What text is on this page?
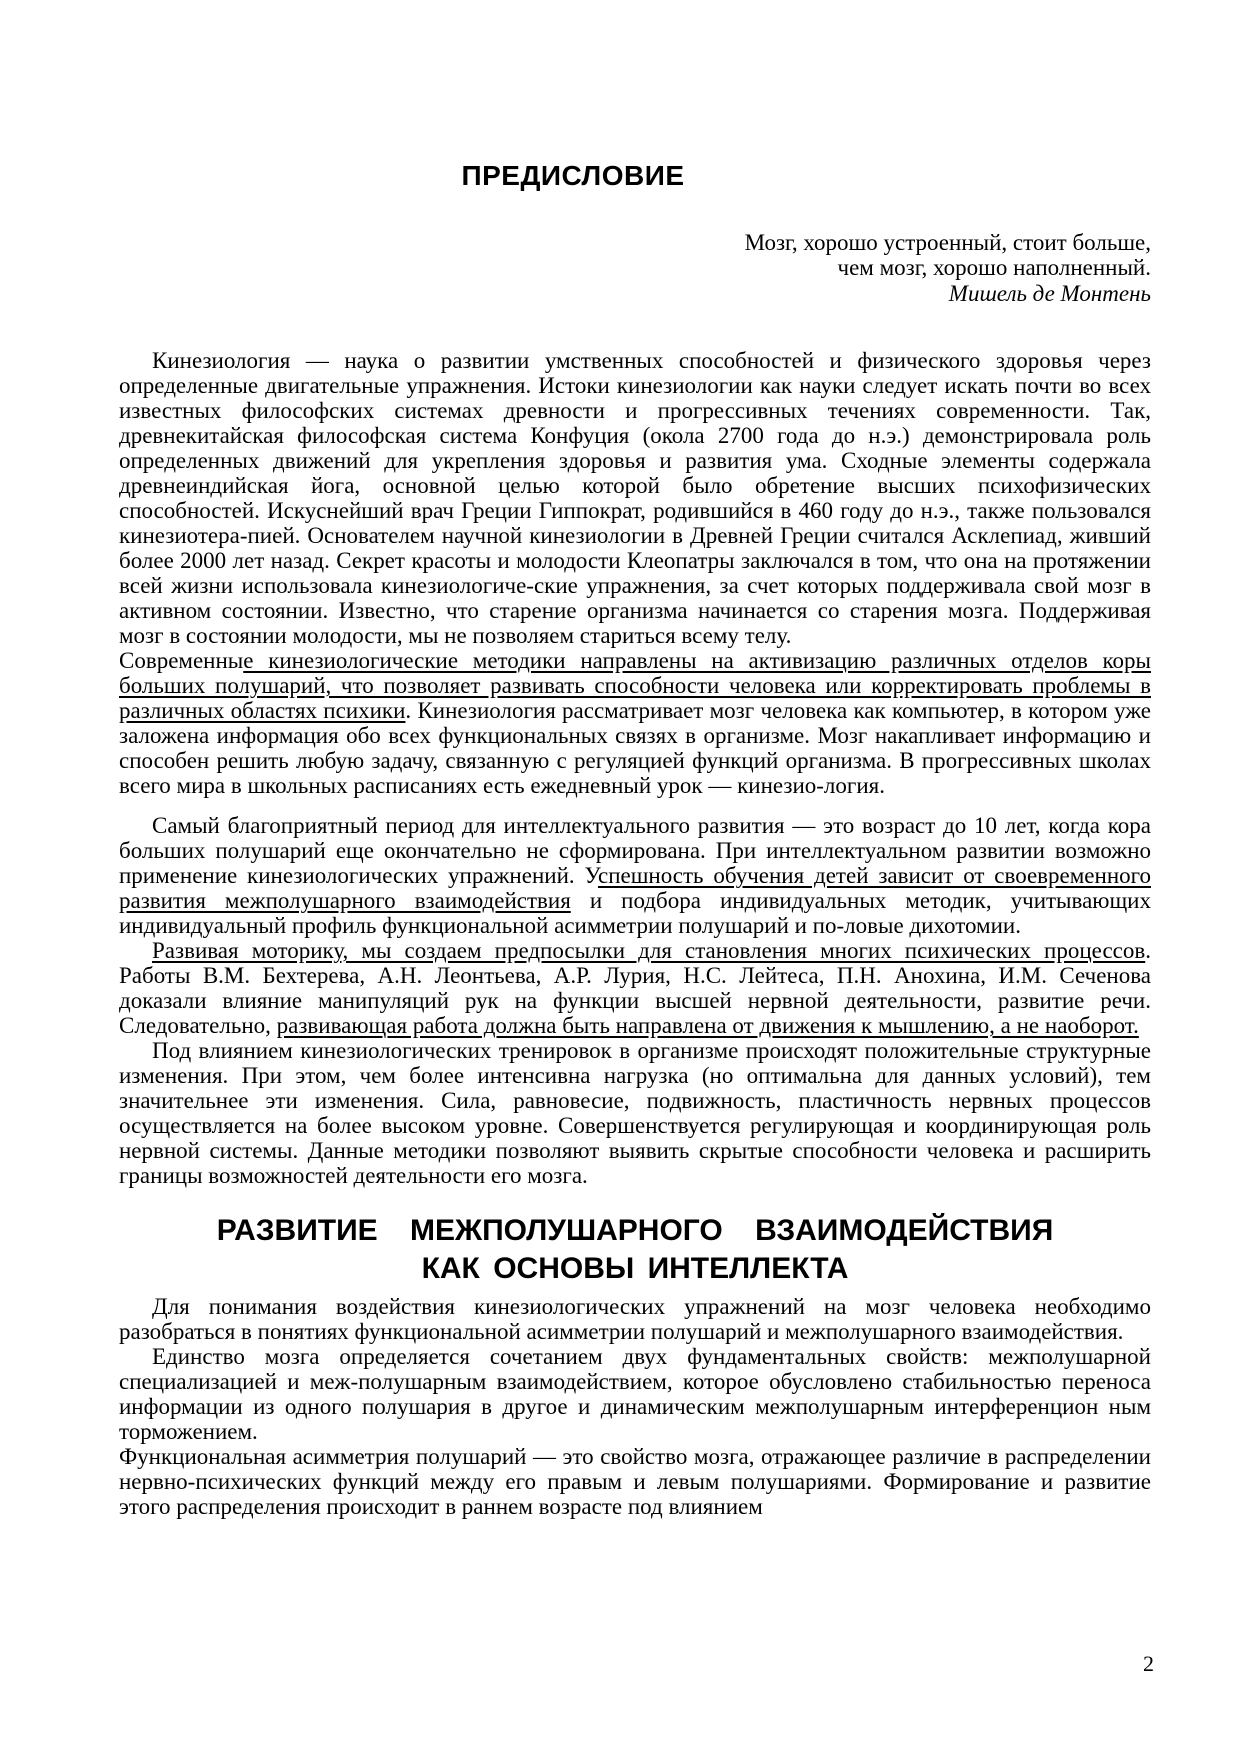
ПРЕДИСЛОВИЕ
Мозг, хорошо устроенный, стоит больше,
чем мозг, хорошо наполненный.
Мишель де Монтень

Кинезиология — наука о развитии умственных способностей и физического здоровья через определенные двигательные упражнения. Истоки кинезиологии как науки следует искать почти во всех известных философских системах древности и прогрессивных течениях современности. Так, древнекитайская философская система Конфуция (окола 2700 года до н.э.) демонстрировала роль определенных движений для укрепления здоровья и развития ума. Сходные элементы содержала древнеиндийская йога, основной целью которой было обретение высших психофизических способностей. Искуснейший врач Греции Гиппократ, родившийся в 460 году до н.э., также пользовался кинезиотера-пией. Основателем научной кинезиологии в Древней Греции считался Асклепиад, живший более 2000 лет назад. Секрет красоты и молодости Клеопатры заключался в том, что она на протяжении всей жизни использовала кинезиологиче-ские упражнения, за счет которых поддерживала свой мозг в активном состоянии. Известно, что старение организма начинается со старения мозга. Поддерживая мозг в состоянии молодости, мы не позволяем стариться всему телу.

Современные кинезиологические методики направлены на активизацию различных отделов коры больших полушарий, что позволяет развивать способности человека или корректировать проблемы в различных областях психики. Кинезиология рассматривает мозг человека как компьютер, в котором уже заложена информация обо всех функциональных связях в организме. Мозг накапливает информацию и способен решить любую задачу, связанную с регуляцией функций организма. В прогрессивных школах всего мира в школьных расписаниях есть ежедневный урок — кинезио-логия.

Самый благоприятный период для интеллектуального развития — это возраст до 10 лет, когда кора больших полушарий еще окончательно не сформирована. При интеллектуальном развитии возможно применение кинезиологических упражнений. Успешность обучения детей зависит от своевременного развития межполушарного взаимодействия и подбора индивидуальных методик, учитывающих индивидуальный профиль функциональной асимметрии полушарий и по-ловые дихотомии.

Развивая моторику, мы создаем предпосылки для становления многих психических процессов. Работы В.М. Бехтерева, А.Н. Леонтьева, А.Р. Лурия, Н.С. Лейтеса, П.Н. Анохина, И.М. Сеченова доказали влияние манипуляций рук на функции высшей нервной деятельности, развитие речи. Следовательно, развивающая работа должна быть направлена от движения к мышлению, а не наоборот.

Под влиянием кинезиологических тренировок в организме происходят положительные структурные изменения. При этом, чем более интенсивна нагрузка (но оптимальна для данных условий), тем значительнее эти изменения. Сила, равновесие, подвижность, пластичность нервных процессов осуществляется на более высоком уровне. Совершенствуется регулирующая и координирующая роль нервной системы. Данные методики позволяют выявить скрытые способности человека и расширить границы возможностей деятельности его мозга.

РАЗВИТИЕ МЕЖПОЛУШАРНОГО ВЗАИМОДЕЙСТВИЯ
КАК ОСНОВЫ ИНТЕЛЛЕКТА

Для понимания воздействия кинезиологических упражнений на мозг человека необходимо разобраться в понятиях функциональной асимметрии полушарий и межполушарного взаимодействия.

Единство мозга определяется сочетанием двух фундаментальных свойств: межполушарной специализацией и меж-полушарным взаимодействием, которое обусловлено стабильностью переноса информации из одного полушария в другое и динамическим межполушарным интерференцион ным торможением.

Функциональная асимметрия полушарий — это свойство мозга, отражающее различие в распределении нервно-психических функций между его правым и левым полушариями. Формирование и развитие этого распределения происходит в раннем возрасте под влиянием

2
